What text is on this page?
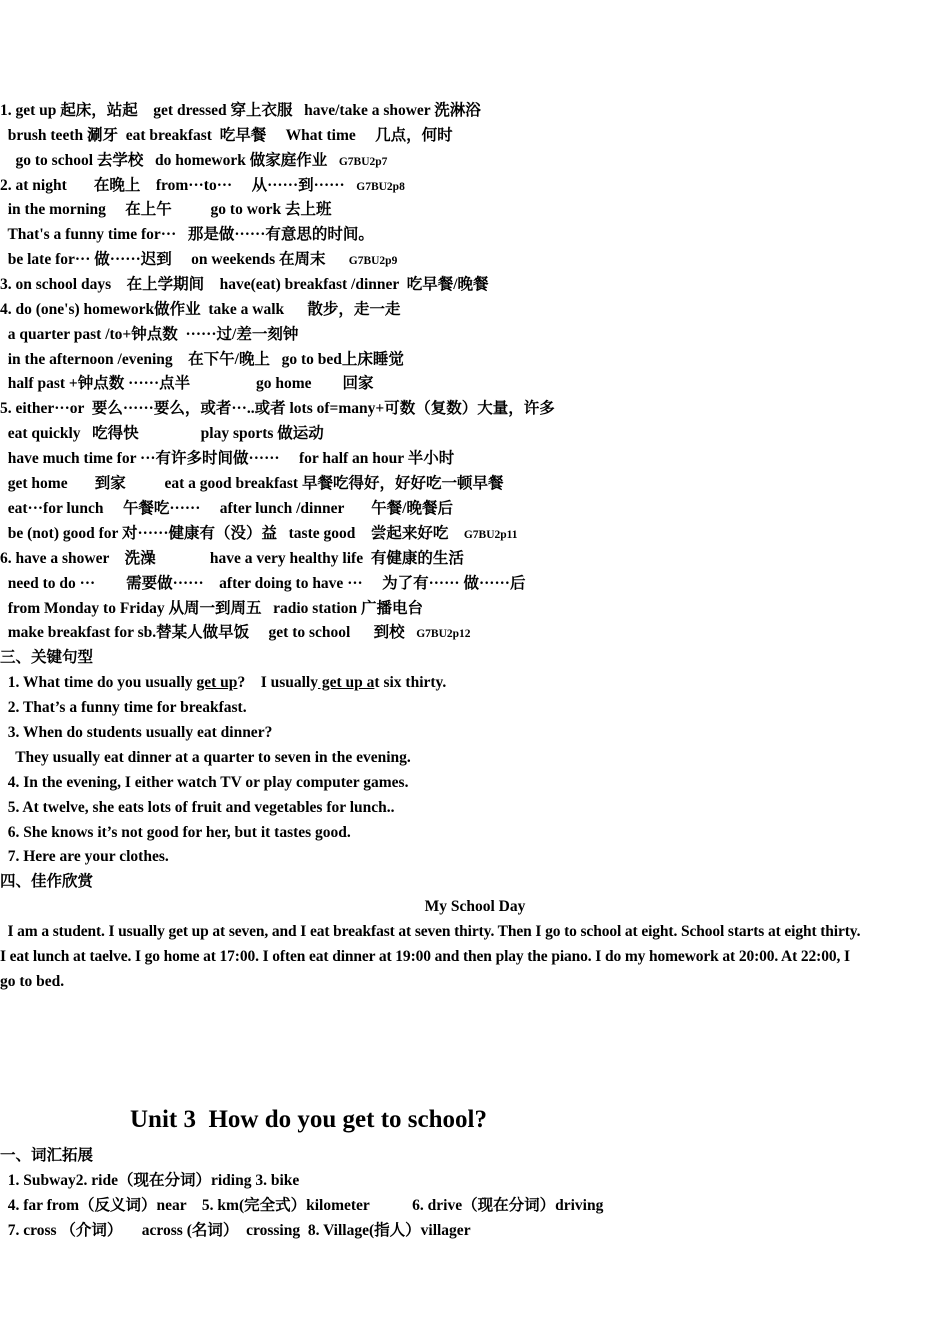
1. get up 起床，站起    get dressed 穿上衣服   have/take a shower 洗淋浴
brush teeth 涮牙  eat breakfast  吃早餐     What time     几点，何时
go to school 去学校   do homework 做家庭作业   G7BU2p7
2. at night       在晚上    from···to···     从······到······   G7BU2p8
in the morning     在上午          go to work 去上班
That's a funny time for···   那是做······有意思的时间。
be late for··· 做······迟到     on weekends 在周末      G7BU2p9
3. on school days    在上学期间    have(eat) breakfast /dinner  吃早餐/晚餐
4. do (one's) homework做作业  take a walk      散步，走一走
a quarter past /to+钟点数  ······过/差一刻钟
in the afternoon /evening    在下午/晚上   go to bed上床睡觉
half past +钟点数 ······点半                 go home        回家
5. either···or  要么······要么，或者···..或者 lots of=many+可数（复数）大量，许多
eat quickly   吃得快                play sports 做运动
have much time for ···有许多时间做······     for half an hour 半小时
get home       到家          eat a good breakfast 早餐吃得好，好好吃一顿早餐
eat···for lunch     午餐吃······     after lunch /dinner       午餐/晚餐后
be (not) good for 对······健康有（没）益   taste good    尝起来好吃    G7BU2p11
6. have a shower    洗澡              have a very healthy life  有健康的生活
need to do ···        需要做······    after doing to have ···     为了有······ 做······后
from Monday to Friday 从周一到周五   radio station 广播电台
make breakfast for sb.替某人做早饭     get to school      到校   G7BU2p12
三、关键句型
1. What time do you usually get up?    I usually get up at six thirty.
2. That’s a funny time for breakfast.
3. When do students usually eat dinner?
They usually eat dinner at a quarter to seven in the evening.
4. In the evening, I either watch TV or play computer games.
5. At twelve, she eats lots of fruit and vegetables for lunch..
6. She knows it’s not good for her, but it tastes good.
7. Here are your clothes.
四、佳作欣赏
My School Day
I am a student. I usually get up at seven, and I eat breakfast at seven thirty. Then I go to school at eight. School starts at eight thirty.
I eat lunch at taelve. I go home at 17:00. I often eat dinner at 19:00 and then play the piano. I do my homework at 20:00. At 22:00, I
go to bed.
Unit 3  How do you get to school?
一、词汇拓展
1. Subway2. ride（现在分词）riding 3. bike
4. far from（反义词）near    5. km(完全式）kilometer           6. drive（现在分词）driving
7. cross （介词）     across (名词）  crossing  8. Village(指人）villager
